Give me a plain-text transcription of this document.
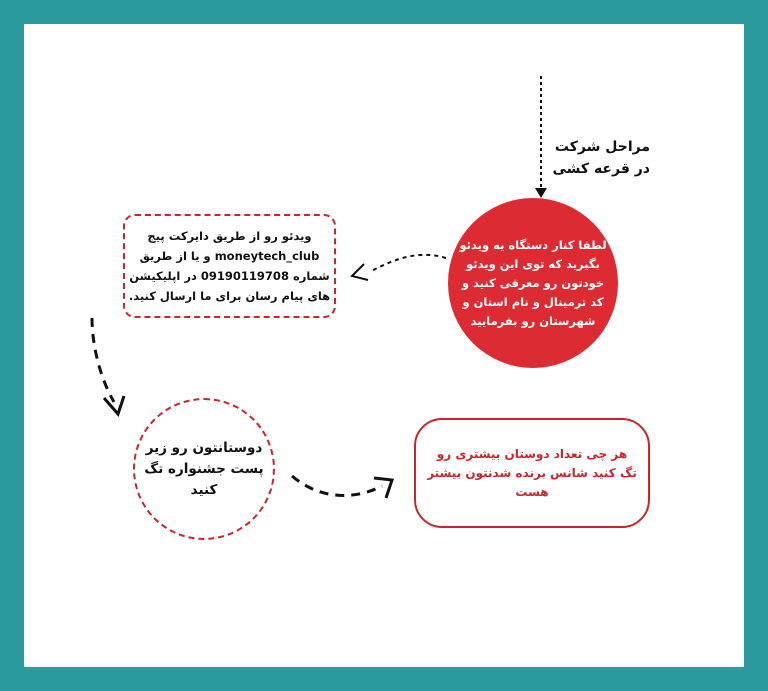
مراحل شرکت در قرعه کشی
لطفا کنار دستگاه یه ویدئو بگیرید که توی این ویدئو خودتون رو معرفی کنید و کد ترمینال و نام استان و شهرستان رو بفرمایید
ویدئو رو از طریق دایرکت پیج moneytech_club و یا از طریق شماره 09190119708 در اپلیکیشن های پیام رسان برای ما ارسال کنید.
دوستانتون رو زیر پست جشنواره تگ کنید
هر چی تعداد دوستان بیشتری رو تگ کنید شانس برنده شدنتون بیشتر هست
